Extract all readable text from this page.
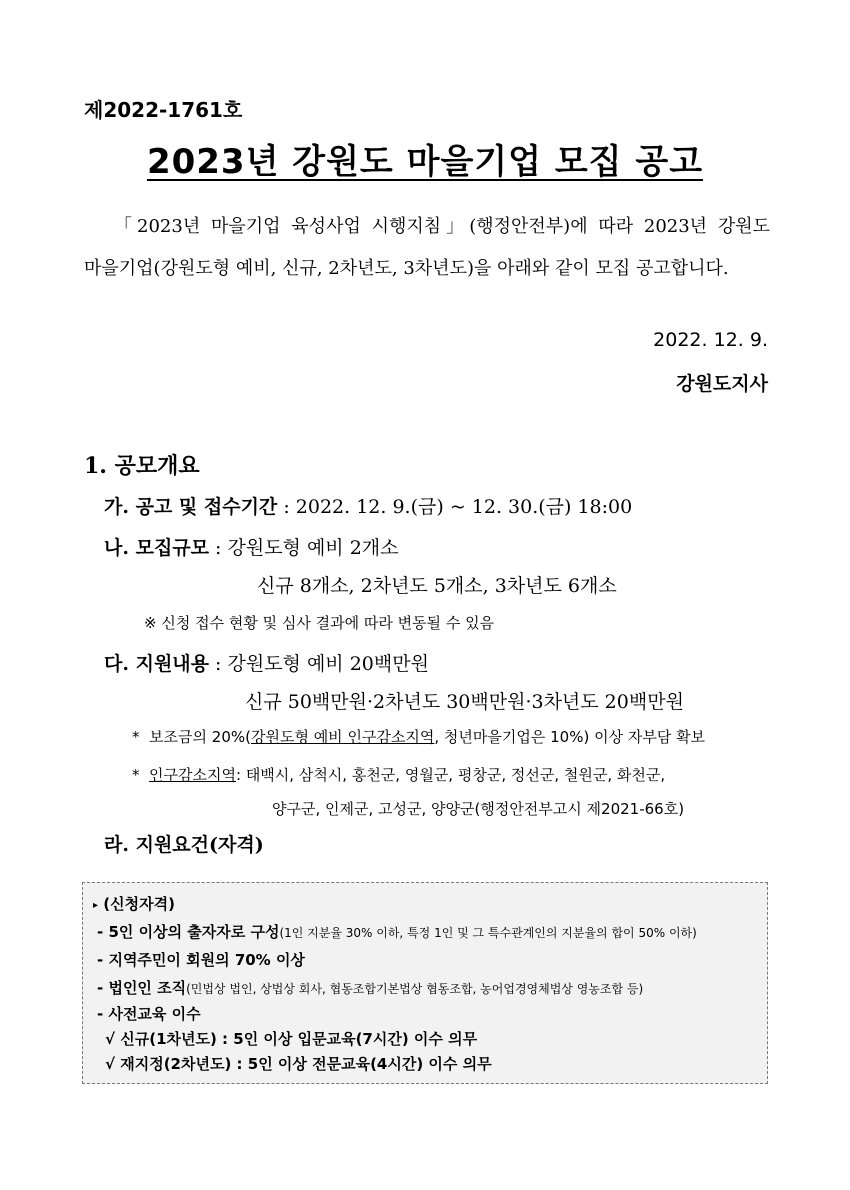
제2022-1761호
2023년 강원도 마을기업 모집 공고
「2023년 마을기업 육성사업 시행지침」(행정안전부)에 따라 2023년 강원도 마을기업(강원도형 예비, 신규, 2차년도, 3차년도)을 아래와 같이 모집 공고합니다.
2022. 12. 9.
강원도지사
1. 공모개요
가. 공고 및 접수기간 : 2022. 12. 9.(금) ~ 12. 30.(금) 18:00
나. 모집규모 : 강원도형 예비 2개소
신규 8개소, 2차년도 5개소, 3차년도 6개소
※ 신청 접수 현황 및 심사 결과에 따라 변동될 수 있음
다. 지원내용 : 강원도형 예비 20백만원
신규 50백만원·2차년도 30백만원·3차년도 20백만원
* 보조금의 20%(강원도형 예비 인구감소지역, 청년마을기업은 10%) 이상 자부담 확보
* 인구감소지역: 태백시, 삼척시, 홍천군, 영월군, 평창군, 정선군, 철원군, 화천군,
양구군, 인제군, 고성군, 양양군(행정안전부고시 제2021-66호)
라. 지원요건(자격)
▸ (신청자격)
- 5인 이상의 출자자로 구성(1인 지분율 30% 이하, 특정 1인 및 그 특수관계인의 지분율의 합이 50% 이하)
- 지역주민이 회원의 70% 이상
- 법인인 조직(민법상 법인, 상법상 회사, 협동조합기본법상 협동조합, 농어업경영체법상 영농조합 등)
- 사전교육 이수
√ 신규(1차년도) : 5인 이상 입문교육(7시간) 이수 의무
√ 재지정(2차년도) : 5인 이상 전문교육(4시간) 이수 의무
